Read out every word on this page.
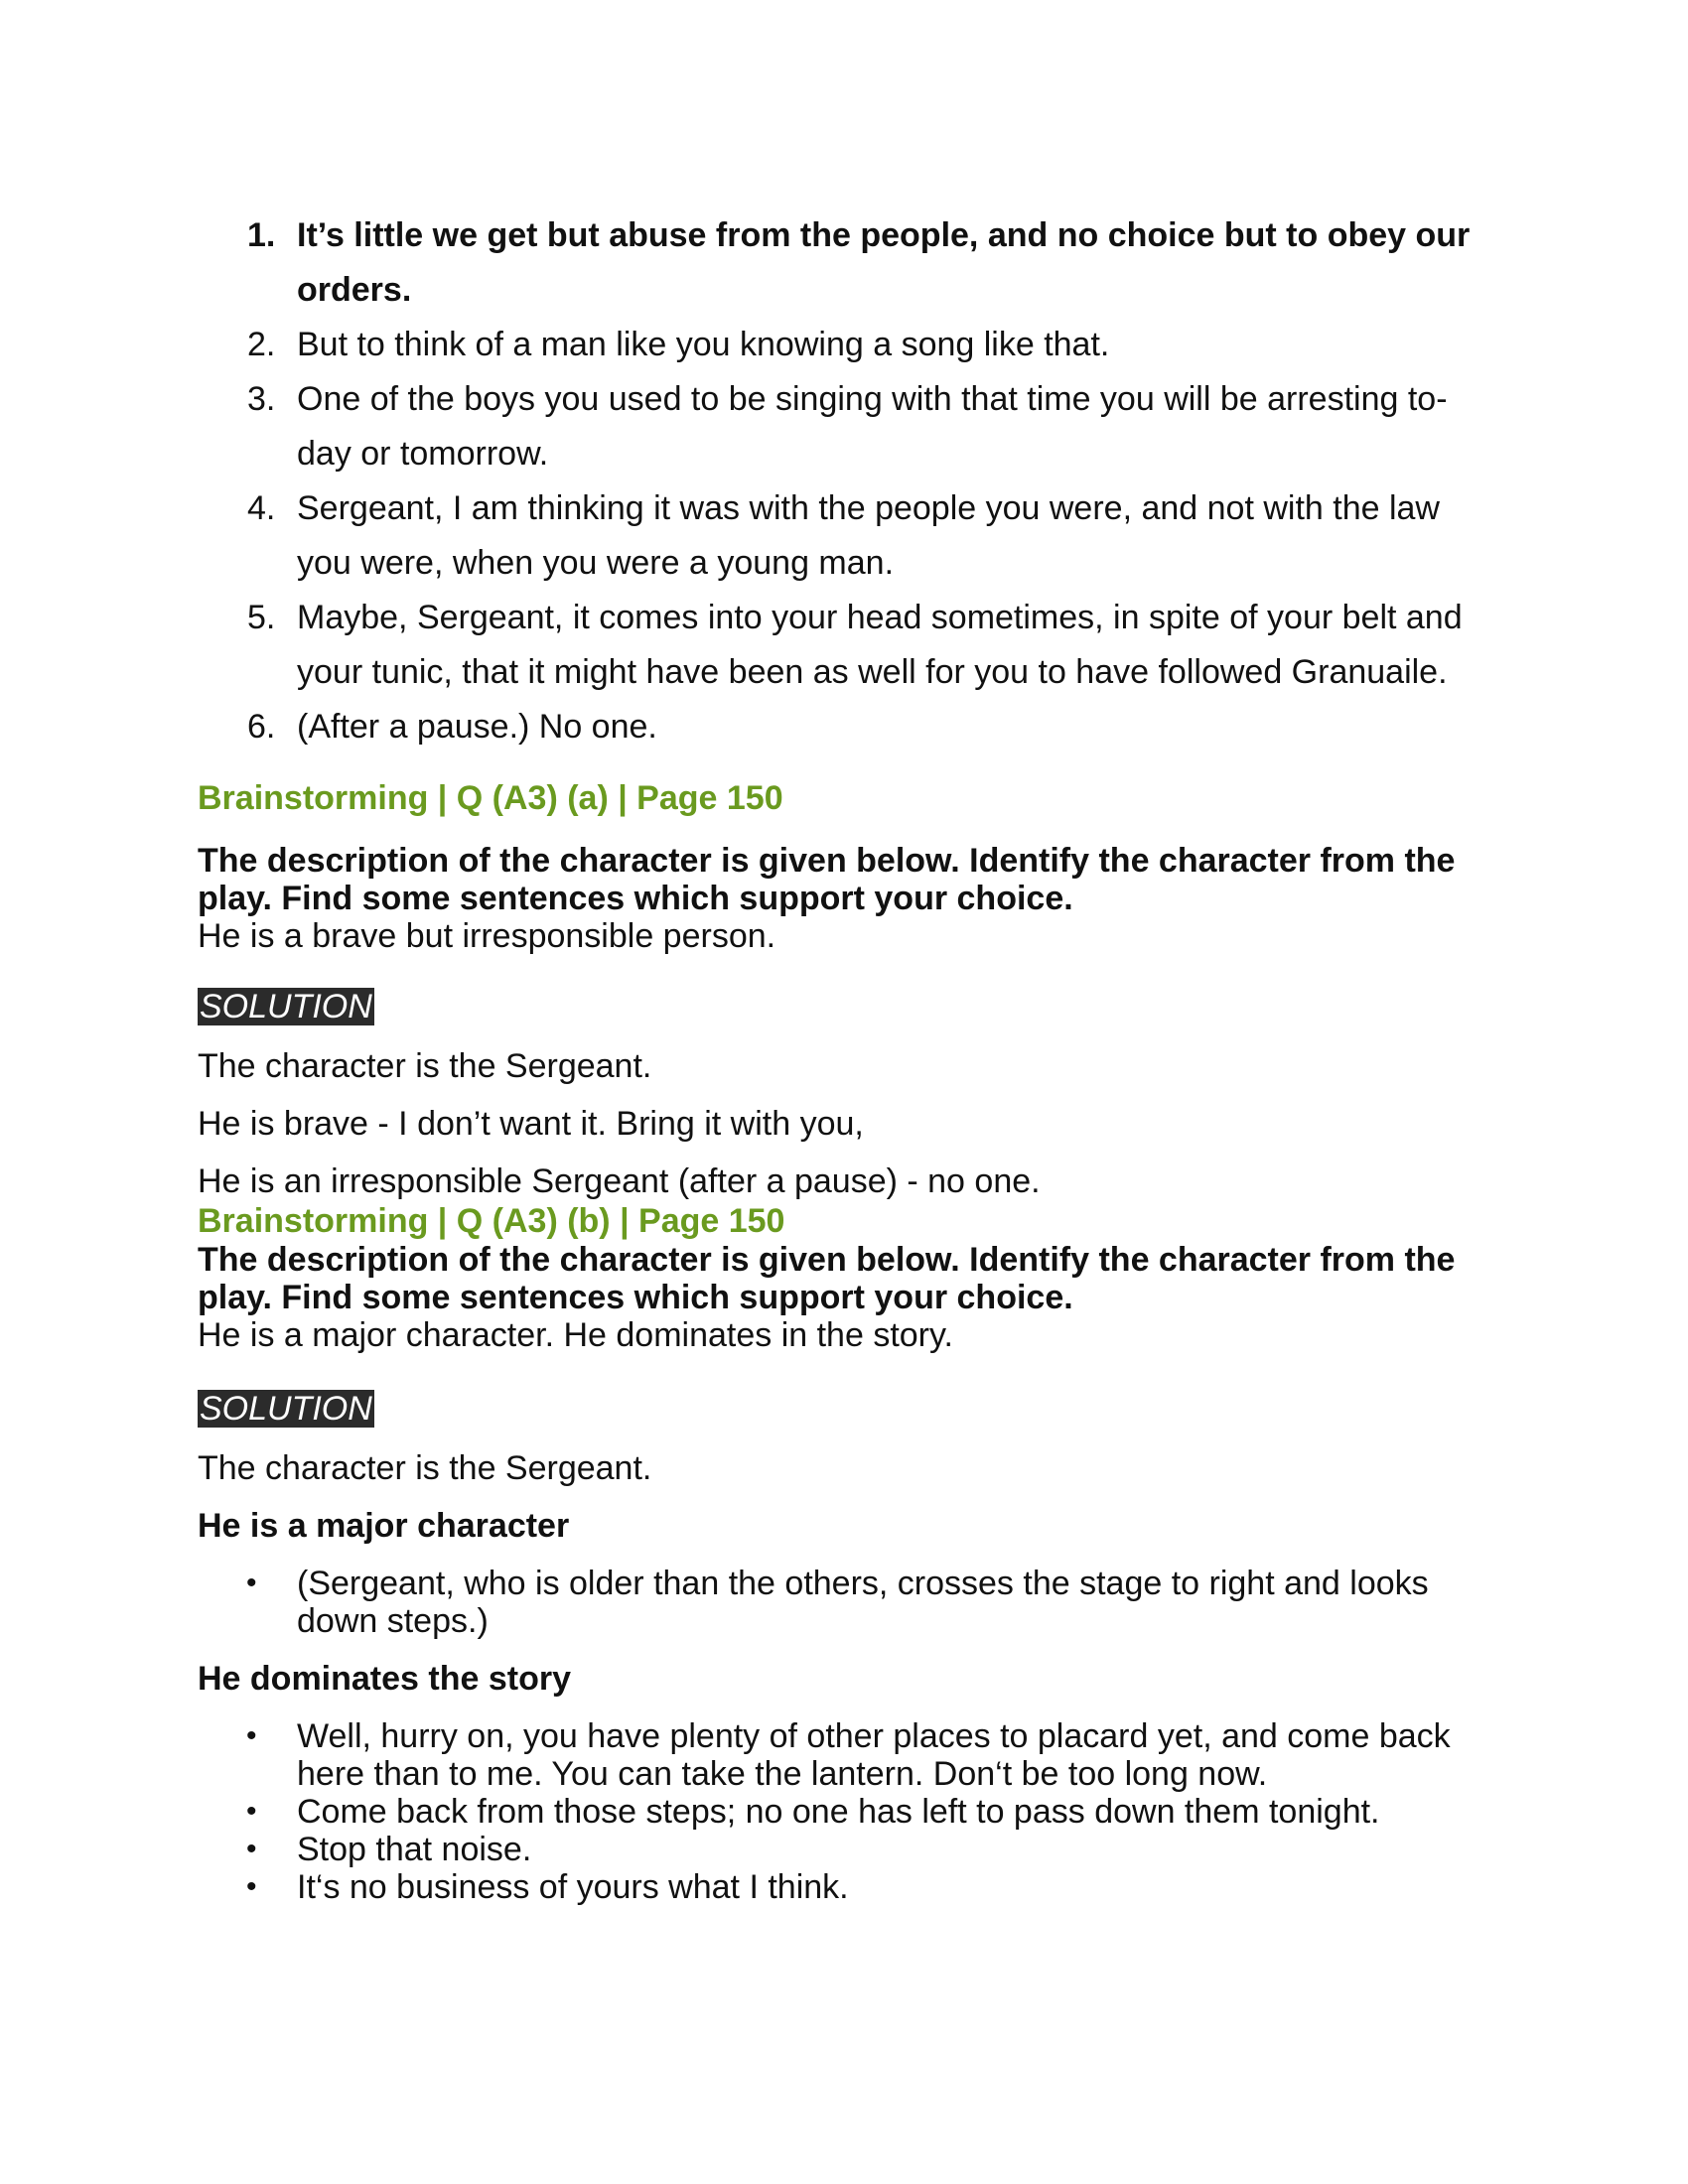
1. It’s little we get but abuse from the people, and no choice but to obey our orders.
2. But to think of a man like you knowing a song like that.
3. One of the boys you used to be singing with that time you will be arresting to-day or tomorrow.
4. Sergeant, I am thinking it was with the people you were, and not with the law you were, when you were a young man.
5. Maybe, Sergeant, it comes into your head sometimes, in spite of your belt and your tunic, that it might have been as well for you to have followed Granuaile.
6. (After a pause.) No one.
Brainstorming | Q (A3) (a) | Page 150
The description of the character is given below. Identify the character from the play. Find some sentences which support your choice.
He is a brave but irresponsible person.
SOLUTION
The character is the Sergeant.
He is brave - I don’t want it. Bring it with you,
He is an irresponsible Sergeant (after a pause) - no one.
Brainstorming | Q (A3) (b) | Page 150
The description of the character is given below. Identify the character from the play. Find some sentences which support your choice.
He is a major character. He dominates in the story.
SOLUTION
The character is the Sergeant.
He is a major character
• (Sergeant, who is older than the others, crosses the stage to right and looks down steps.)
He dominates the story
• Well, hurry on, you have plenty of other places to placard yet, and come back here than to me. You can take the lantern. Don‘t be too long now.
• Come back from those steps; no one has left to pass down them tonight.
• Stop that noise.
• It‘s no business of yours what I think.
